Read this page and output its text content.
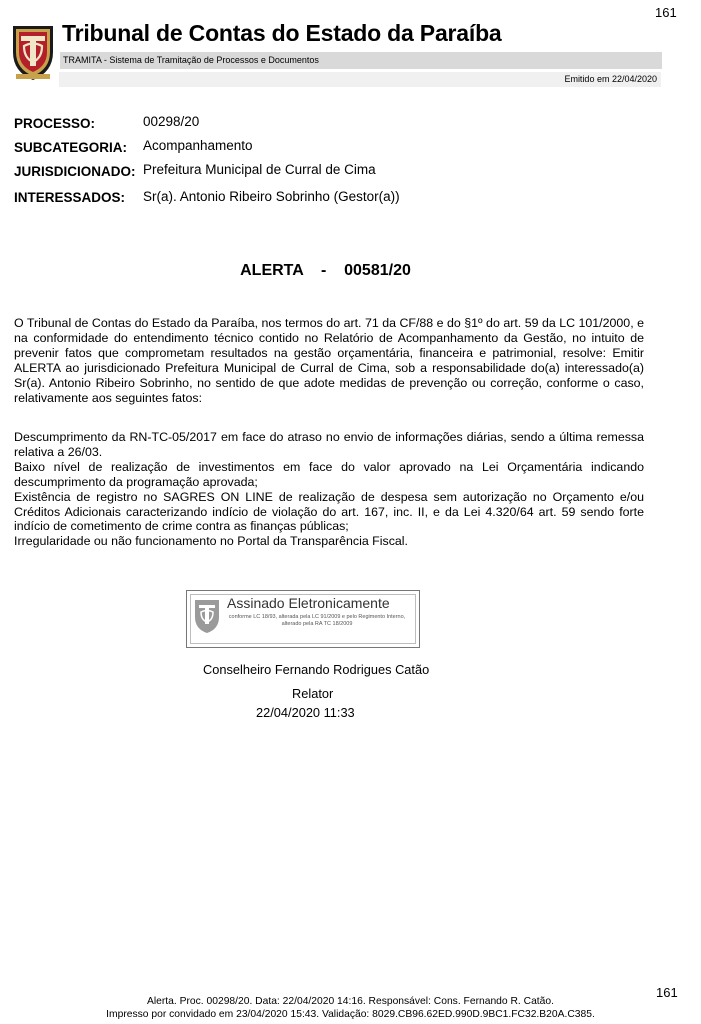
161
Tribunal de Contas do Estado da Paraíba
TRAMITA - Sistema de Tramitação de Processos e Documentos
Emitido em 22/04/2020
PROCESSO:	00298/20
SUBCATEGORIA: Acompanhamento
JURISDICIONADO: Prefeitura Municipal de Curral de Cima
INTERESSADOS: Sr(a). Antonio Ribeiro Sobrinho (Gestor(a))
ALERTA - 00581/20
O Tribunal de Contas do Estado da Paraíba, nos termos do art. 71 da CF/88 e do §1º do art. 59 da LC 101/2000, e na conformidade do entendimento técnico contido no Relatório de Acompanhamento da Gestão, no intuito de prevenir fatos que comprometam resultados na gestão orçamentária, financeira e patrimonial, resolve: Emitir ALERTA ao jurisdicionado Prefeitura Municipal de Curral de Cima, sob a responsabilidade do(a) interessado(a) Sr(a). Antonio Ribeiro Sobrinho, no sentido de que adote medidas de prevenção ou correção, conforme o caso, relativamente aos seguintes fatos:
Descumprimento da RN-TC-05/2017 em face do atraso no envio de informações diárias, sendo a última remessa relativa a 26/03.
Baixo nível de realização de investimentos em face do valor aprovado na Lei Orçamentária indicando descumprimento da programação aprovada;
Existência de registro no SAGRES ON LINE de realização de despesa sem autorização no Orçamento e/ou Créditos Adicionais caracterizando indício de violação do art. 167, inc. II, e da Lei 4.320/64 art. 59 sendo forte indício de cometimento de crime contra as finanças públicas;
Irregularidade ou não funcionamento no Portal da Transparência Fiscal.
Assinado Eletronicamente
conforme LC 18/93, alterada pela LC 91/2009 e pelo Regimento Interno, alterado pela RA TC 18/2009
Conselheiro Fernando Rodrigues Catão
Relator
22/04/2020 11:33
161
Alerta. Proc. 00298/20. Data: 22/04/2020 14:16. Responsável: Cons. Fernando R. Catão.
Impresso por convidado em 23/04/2020 15:43. Validação: 8029.CB96.62ED.990D.9BC1.FC32.B20A.C385.
